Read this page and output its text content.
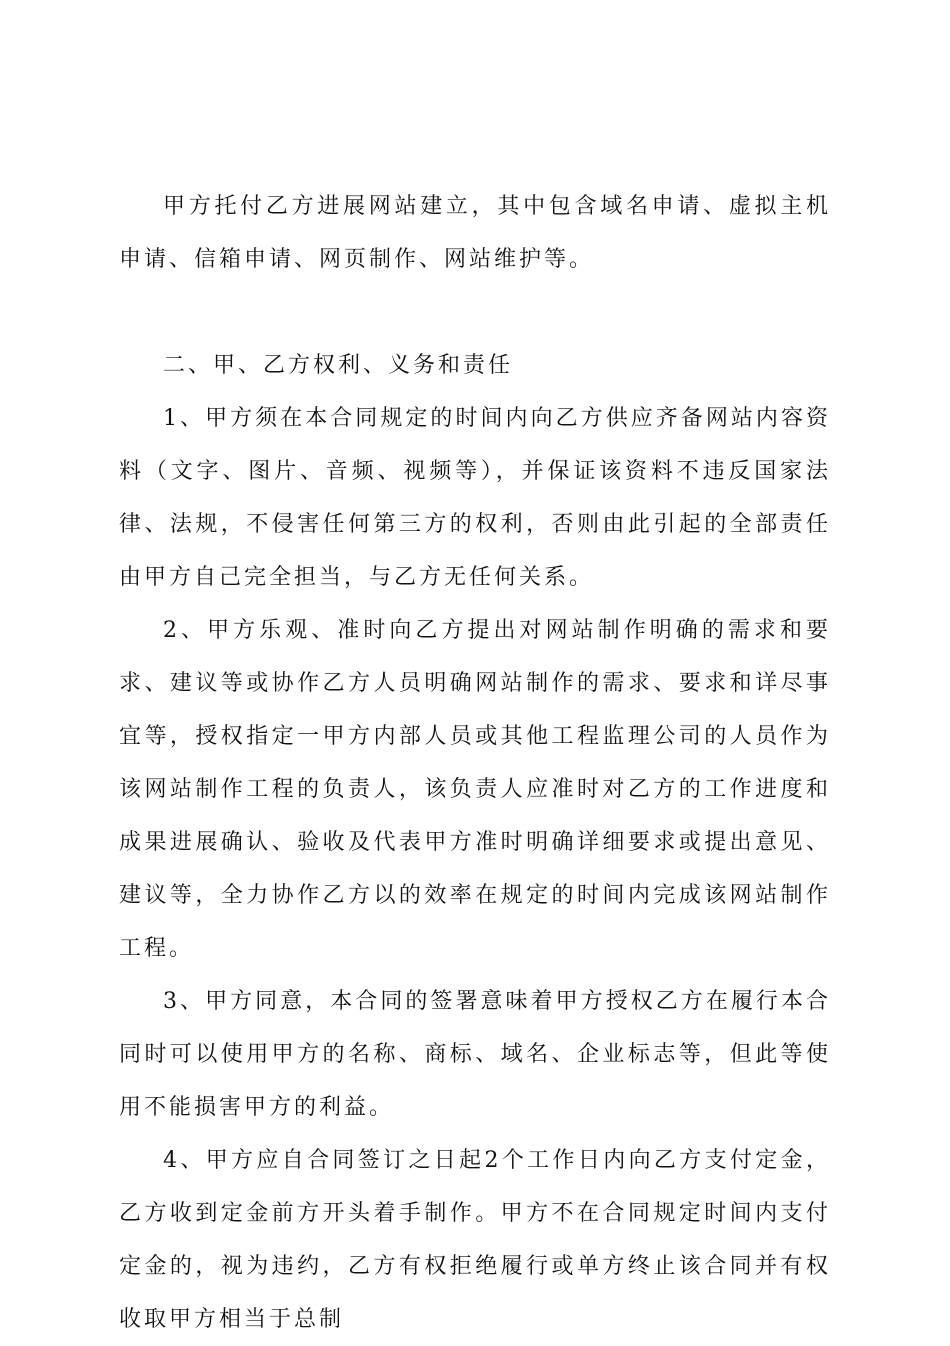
甲方托付乙方进展网站建立，其中包含域名申请、虚拟主机申请、信箱申请、网页制作、网站维护等。

二、甲、乙方权利、义务和责任

1、甲方须在本合同规定的时间内向乙方供应齐备网站内容资料（文字、图片、音频、视频等），并保证该资料不违反国家法律、法规，不侵害任何第三方的权利，否则由此引起的全部责任由甲方自己完全担当，与乙方无任何关系。

2、甲方乐观、准时向乙方提出对网站制作明确的需求和要求、建议等或协作乙方人员明确网站制作的需求、要求和详尽事宜等，授权指定一甲方内部人员或其他工程监理公司的人员作为该网站制作工程的负责人，该负责人应准时对乙方的工作进度和成果进展确认、验收及代表甲方准时明确详细要求或提出意见、建议等，全力协作乙方以的效率在规定的时间内完成该网站制作工程。

3、甲方同意，本合同的签署意味着甲方授权乙方在履行本合同时可以使用甲方的名称、商标、域名、企业标志等，但此等使用不能损害甲方的利益。

4、甲方应自合同签订之日起2个工作日内向乙方支付定金，乙方收到定金前方开头着手制作。甲方不在合同规定时间内支付定金的，视为违约，乙方有权拒绝履行或单方终止该合同并有权收取甲方相当于总制
